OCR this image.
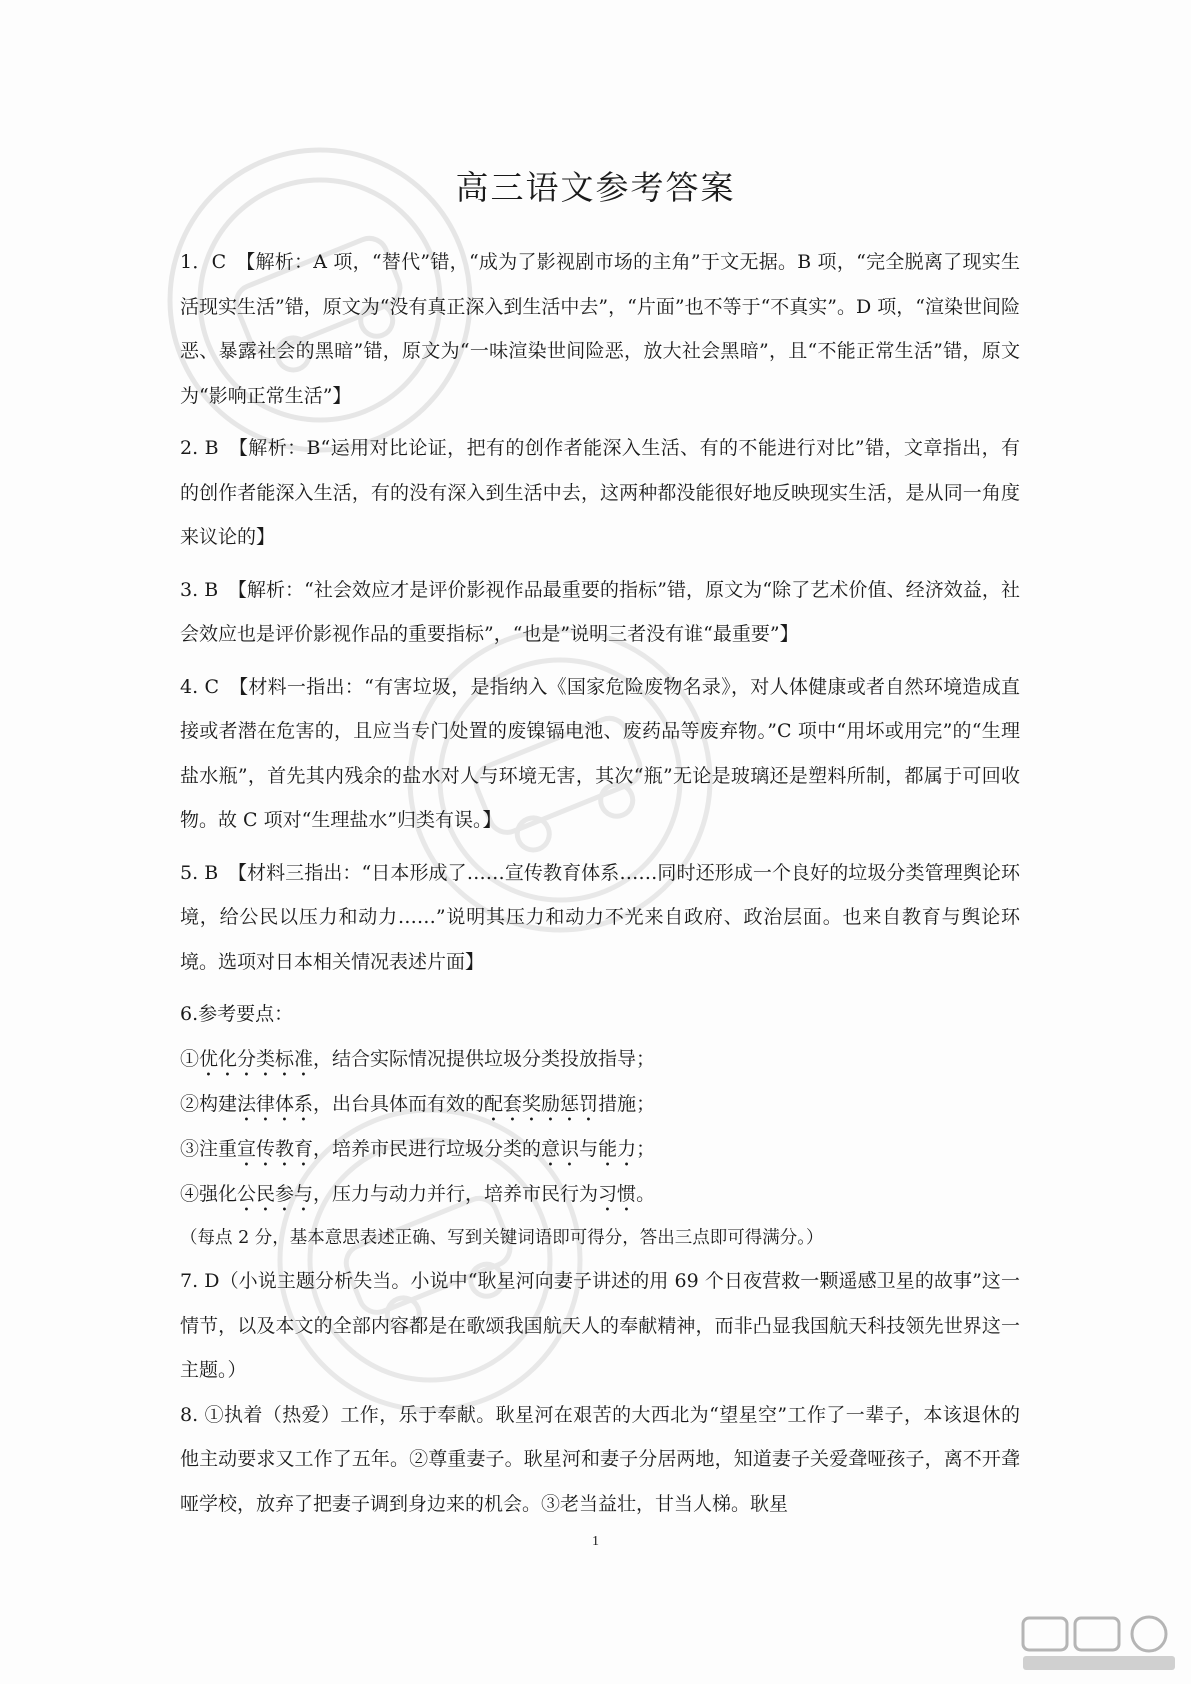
高三语文参考答案

1．C　【解析：A 项，“替代”错，“成为了影视剧市场的主角”于文无据。B 项，“完全脱离了现实生活现实生活”错，原文为“没有真正深入到生活中去”，“片面”也不等于“不真实”。D 项，“渲染世间险恶、暴露社会的黑暗”错，原文为“一味渲染世间险恶，放大社会黑暗”，且“不能正常生活”错，原文为“影响正常生活”】

2. B　【解析：B“运用对比论证，把有的创作者能深入生活、有的不能进行对比”错，文章指出，有的创作者能深入生活，有的没有深入到生活中去，这两种都没能很好地反映现实生活，是从同一角度来议论的】

3. B　【解析：“社会效应才是评价影视作品最重要的指标”错，原文为“除了艺术价值、经济效益，社会效应也是评价影视作品的重要指标”，“也是”说明三者没有谁“最重要”】

4. C　【材料一指出：“有害垃圾，是指纳入《国家危险废物名录》，对人体健康或者自然环境造成直接或者潜在危害的，且应当专门处置的废镍镉电池、废药品等废弃物。”C 项中“用坏或用完”的“生理盐水瓶”，首先其内残余的盐水对人与环境无害，其次“瓶”无论是玻璃还是塑料所制，都属于可回收物。故 C 项对“生理盐水”归类有误。】

5. B　【材料三指出：“日本形成了……宣传教育体系……同时还形成一个良好的垃圾分类管理舆论环境，给公民以压力和动力……”说明其压力和动力不光来自政府、政治层面。也来自教育与舆论环境。选项对日本相关情况表述片面】

6.参考要点：

①优化分类标准，结合实际情况提供垃圾分类投放指导；

②构建法律体系，出台具体而有效的配套奖励惩罚措施；

③注重宣传教育，培养市民进行垃圾分类的意识与能力；

④强化公民参与，压力与动力并行，培养市民行为习惯。

（每点 2 分，基本意思表述正确、写到关键词语即可得分，答出三点即可得满分。）

7. D（小说主题分析失当。小说中“耿星河向妻子讲述的用 69 个日夜营救一颗遥感卫星的故事”这一情节，以及本文的全部内容都是在歌颂我国航天人的奉献精神，而非凸显我国航天科技领先世界这一主题。）

8. ①执着（热爱）工作，乐于奉献。耿星河在艰苦的大西北为“望星空”工作了一辈子，本该退休的他主动要求又工作了五年。②尊重妻子。耿星河和妻子分居两地，知道妻子关爱聋哑孩子，离不开聋哑学校，放弃了把妻子调到身边来的机会。③老当益壮，甘当人梯。耿星

1
